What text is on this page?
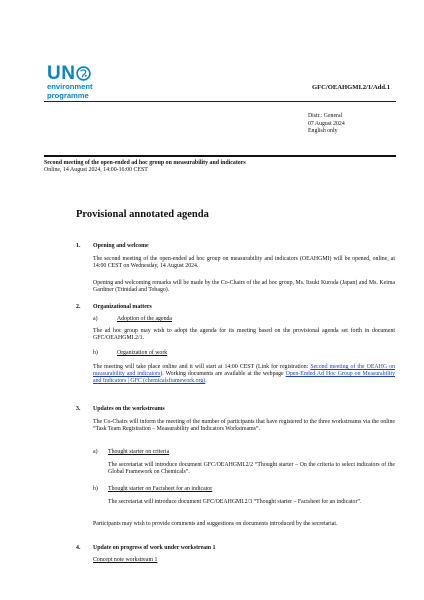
UN
environment
programme
GFC/OEAHGMI.2/1/Add.1
Distr.: General
07 August 2024
English only
Second meeting of the open-ended ad hoc group on measurability and indicators
Online, 14 August 2024, 14:00-16:00 CEST
Provisional annotated agenda
1. Opening and welcome
The second meeting of the open-ended ad hoc group on measurability and indicators (OEAHGMI) will be opened, online, at 14:00 CEST on Wednesday, 14 August 2024.
Opening and welcoming remarks will be made by the Co-Chairs of the ad hoc group, Ms. Itsuki Kuroda (Japan) and Ms. Keima Gardiner (Trinidad and Tobago).
2. Organizational matters
a)	Adoption of the agenda
The ad hoc group may wish to adopt the agenda for its meeting based on the provisional agenda set forth in document GFC/OEAHGMI.2/1.
b)	Organization of work
The meeting will take place online and it will start at 14:00 CEST (Link for registration: Second meeting of the OEAHG on measurability and indicators). Working documents are available at the webpage Open-Ended Ad Hoc Group on Measurability and Indicators | GFC (chemicalsframework.org).
3. Updates on the workstreams
The Co-Chairs will inform the meeting of the number of participants that have registered to the three workstreams via the online “Task Team Registration – Measurability and Indicators Workstreams”.
a) Thought starter on criteria
The secretariat will introduce document GFC/OEAHGMI.2/2 “Thought starter – On the criteria to select indicators of the Global Framework on Chemicals”.
b) Thought starter on Factsheet for an indicator
The secretariat will introduce document GFC/OEAHGMI.2/3 “Thought starter – Factsheet for an indicator”.
Participants may wish to provide comments and suggestions on documents introduced by the secretariat.
4. Update on progress of work under workstream 1
Concept note workstream 1
